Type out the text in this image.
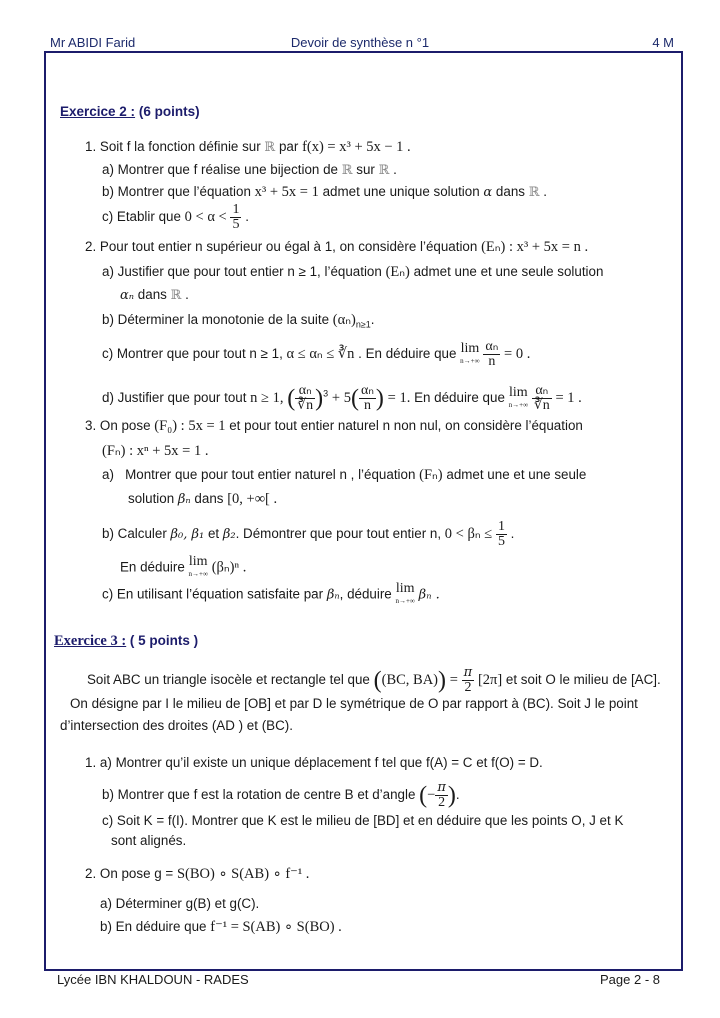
Mr ABIDI Farid	Devoir de synthèse n °1	4 M
Exercice 2 : (6 points)
1. Soit f la fonction définie sur ℝ par f(x) = x³ + 5x − 1 .
a) Montrer que f réalise une bijection de ℝ sur ℝ .
b) Montrer que l’équation x³ + 5x = 1 admet une unique solution α dans ℝ .
c) Etablir que $0 < \alpha < \frac{1}{5}$ .
2. Pour tout entier n supérieur ou égal à 1, on considère l’équation (Eₙ) : x³ + 5x = n .
a) Justifier que pour tout entier n ≥ 1, l’équation (Eₙ) admet une et une seule solution
αₙ dans ℝ .
b) Déterminer la monotonie de la suite $(\alpha_n)_{n\ge 1}$.
c) Montrer que pour tout n ≥ 1, α ≤ αₙ ≤ ∛n . En déduire que lim
n→+∞
$\frac{\text{αₙ}}{n} = 0$ .
d) Justifier que pour tout n ≥ 1, ( $\frac{\text{αₙ}}{∛n} )^3 + 5( \frac{\text{αₙ}}{n}$ ) = 1. En déduire que lim
n→+∞
$\frac{\text{αₙ}}{∛n} = 1$ .
3. On pose (F₀) : 5x = 1 et pour tout entier naturel n non nul, on considère l’équation
(Fₙ) : xⁿ + 5x = 1 .
a) Montrer que pour tout entier naturel n , l’équation (Fₙ) admet une et une seule
solution βₙ dans [0, +∞[ .
b) Calculer β₀, β₁ et β₂. Démontrer que pour tout entier n, $0 < \beta_n \le \frac{1}{5}$ .
En déduire lim
n→+∞ (βₙ)ⁿ .
c) En utilisant l’équation satisfaite par βₙ, déduire lim
n→+∞ βₙ .
Exercice 3 : ( 5 points )
Soit ABC un triangle isocèle et rectangle tel que ((BC, $BA)) = \frac{\pi}{2} [2\pi]$ et soit O le milieu de [AC].
On désigne par I le milieu de [OB] et par D le symétrique de O par rapport à (BC). Soit J le point
d’intersection des droites (AD ) et (BC).
1. a) Montrer qu’il existe un unique déplacement f tel que f(A) = C et f(O) = D.
b) Montrer que f est la rotation de centre B et d’angle (− $\frac{\pi}{2}$ ).
c) Soit K = f(I). Montrer que K est le milieu de [BD] et en déduire que les points O, J et K
sont alignés.
2. On pose g = S(BO) ∘ S(AB) ∘ f⁻¹ .
a) Déterminer g(B) et g(C).
b) En déduire que f⁻¹ = S(AB) ∘ S(BO) .
Lycée IBN KHALDOUN - RADES	Page 2 - 8
